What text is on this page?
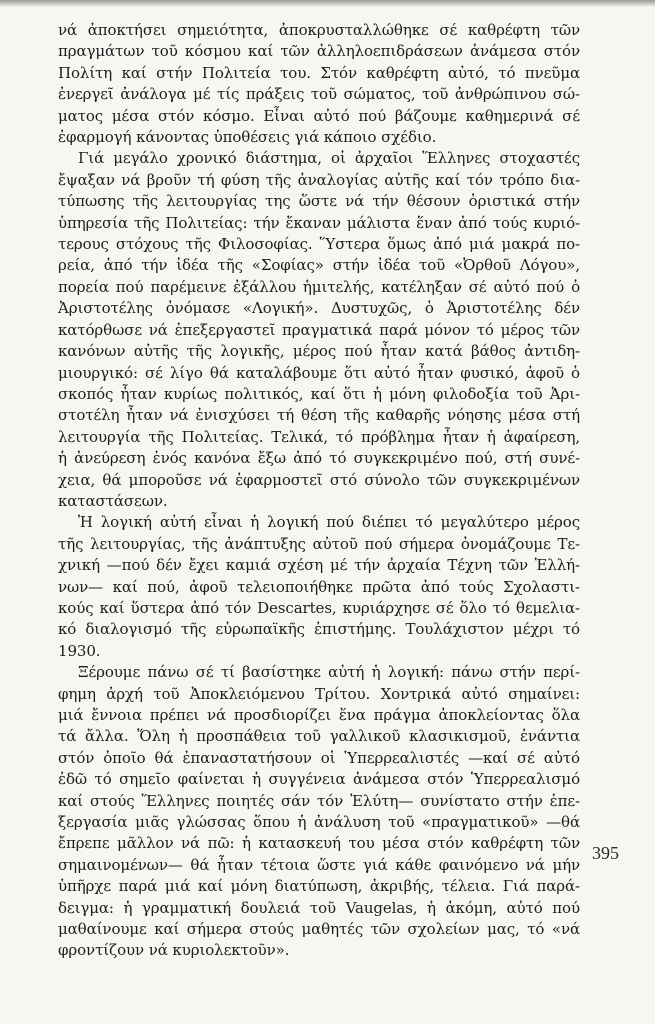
νά ἀποκτήσει σημειότητα, ἀποκρυσταλλώθηκε σέ καθρέφτη τῶν
πραγμάτων τοῦ κόσμου καί τῶν ἀλληλοεπιδράσεων ἀνάμεσα στόν
Πολίτη καί στήν Πολιτεία του. Στόν καθρέφτη αὐτό, τό πνεῦμα
ἐνεργεῖ ἀνάλογα μέ τίς πράξεις τοῦ σώματος, τοῦ ἀνθρώπινου σώ-
ματος μέσα στόν κόσμο. Εἶναι αὐτό πού βάζουμε καθημερινά σέ
ἐφαρμογή κάνοντας ὑποθέσεις γιά κάποιο σχέδιο.

Γιά μεγάλο χρονικό διάστημα, οἱ ἀρχαῖοι Ἕλληνες στοχαστές
ἔψαξαν νά βροῦν τή φύση τῆς ἀναλογίας αὐτῆς καί τόν τρόπο δια-
τύπωσης τῆς λειτουργίας της ὥστε νά τήν θέσουν ὁριστικά στήν
ὑπηρεσία τῆς Πολιτείας: τήν ἔκαναν μάλιστα ἕναν ἀπό τούς κυριό-
τερους στόχους τῆς Φιλοσοφίας. Ὕστερα ὅμως ἀπό μιά μακρά πο-
ρεία, ἀπό τήν ἰδέα τῆς «Σοφίας» στήν ἰδέα τοῦ «Ὀρθοῦ Λόγου»,
πορεία πού παρέμεινε ἐξάλλου ἡμιτελής, κατέληξαν σέ αὐτό πού ὁ
Ἀριστοτέλης ὀνόμασε «Λογική». Δυστυχῶς, ὁ Ἀριστοτέλης δέν
κατόρθωσε νά ἐπεξεργαστεῖ πραγματικά παρά μόνον τό μέρος τῶν
κανόνων αὐτῆς τῆς λογικῆς, μέρος πού ἦταν κατά βάθος ἀντιδη-
μιουργικό: σέ λίγο θά καταλάβουμε ὅτι αὐτό ἦταν φυσικό, ἀφοῦ ὁ
σκοπός ἦταν κυρίως πολιτικός, καί ὅτι ἡ μόνη φιλοδοξία τοῦ Ἀρι-
στοτέλη ἦταν νά ἐνισχύσει τή θέση τῆς καθαρῆς νόησης μέσα στή
λειτουργία τῆς Πολιτείας. Τελικά, τό πρόβλημα ἦταν ἡ ἀφαίρεση,
ἡ ἀνεύρεση ἑνός κανόνα ἔξω ἀπό τό συγκεκριμένο πού, στή συνέ-
χεια, θά μποροῦσε νά ἐφαρμοστεῖ στό σύνολο τῶν συγκεκριμένων
καταστάσεων.

Ἡ λογική αὐτή εἶναι ἡ λογική πού διέπει τό μεγαλύτερο μέρος
τῆς λειτουργίας, τῆς ἀνάπτυξης αὐτοῦ πού σήμερα ὀνομάζουμε Τε-
χνική —πού δέν ἔχει καμιά σχέση μέ τήν ἀρχαία Τέχνη τῶν Ἑλλή-
νων— καί πού, ἀφοῦ τελειοποιήθηκε πρῶτα ἀπό τούς Σχολαστι-
κούς καί ὕστερα ἀπό τόν Descartes, κυριάρχησε σέ ὅλο τό θεμελια-
κό διαλογισμό τῆς εὐρωπαϊκῆς ἐπιστήμης. Τουλάχιστον μέχρι τό
1930.

Ξέρουμε πάνω σέ τί βασίστηκε αὐτή ἡ λογική: πάνω στήν περί-
φημη ἀρχή τοῦ Ἀποκλειόμενου Τρίτου. Χοντρικά αὐτό σημαίνει:
μιά ἔννοια πρέπει νά προσδιορίζει ἕνα πράγμα ἀποκλείοντας ὅλα
τά ἄλλα. Ὅλη ἡ προσπάθεια τοῦ γαλλικοῦ κλασικισμοῦ, ἐνάντια
στόν ὁποῖο θά ἐπαναστατήσουν οἱ Ὑπερρεαλιστές —καί σέ αὐτό
ἐδῶ τό σημεῖο φαίνεται ἡ συγγένεια ἀνάμεσα στόν Ὑπερρεαλισμό
καί στούς Ἕλληνες ποιητές σάν τόν Ἐλύτη— συνίστατο στήν ἐπε-
ξεργασία μιᾶς γλώσσας ὅπου ἡ ἀνάλυση τοῦ «πραγματικοῦ» —θά
ἔπρεπε μᾶλλον νά πῶ: ἡ κατασκευή του μέσα στόν καθρέφτη τῶν
σημαινομένων— θά ἦταν τέτοια ὥστε γιά κάθε φαινόμενο νά μήν
ὑπῆρχε παρά μιά καί μόνη διατύπωση, ἀκριβής, τέλεια. Γιά παρά-
δειγμα: ἡ γραμματική δουλειά τοῦ Vaugelas, ἡ ἀκόμη, αὐτό πού
μαθαίνουμε καί σήμερα στούς μαθητές τῶν σχολείων μας, τό «νά
φροντίζουν νά κυριολεκτοῦν».

395
